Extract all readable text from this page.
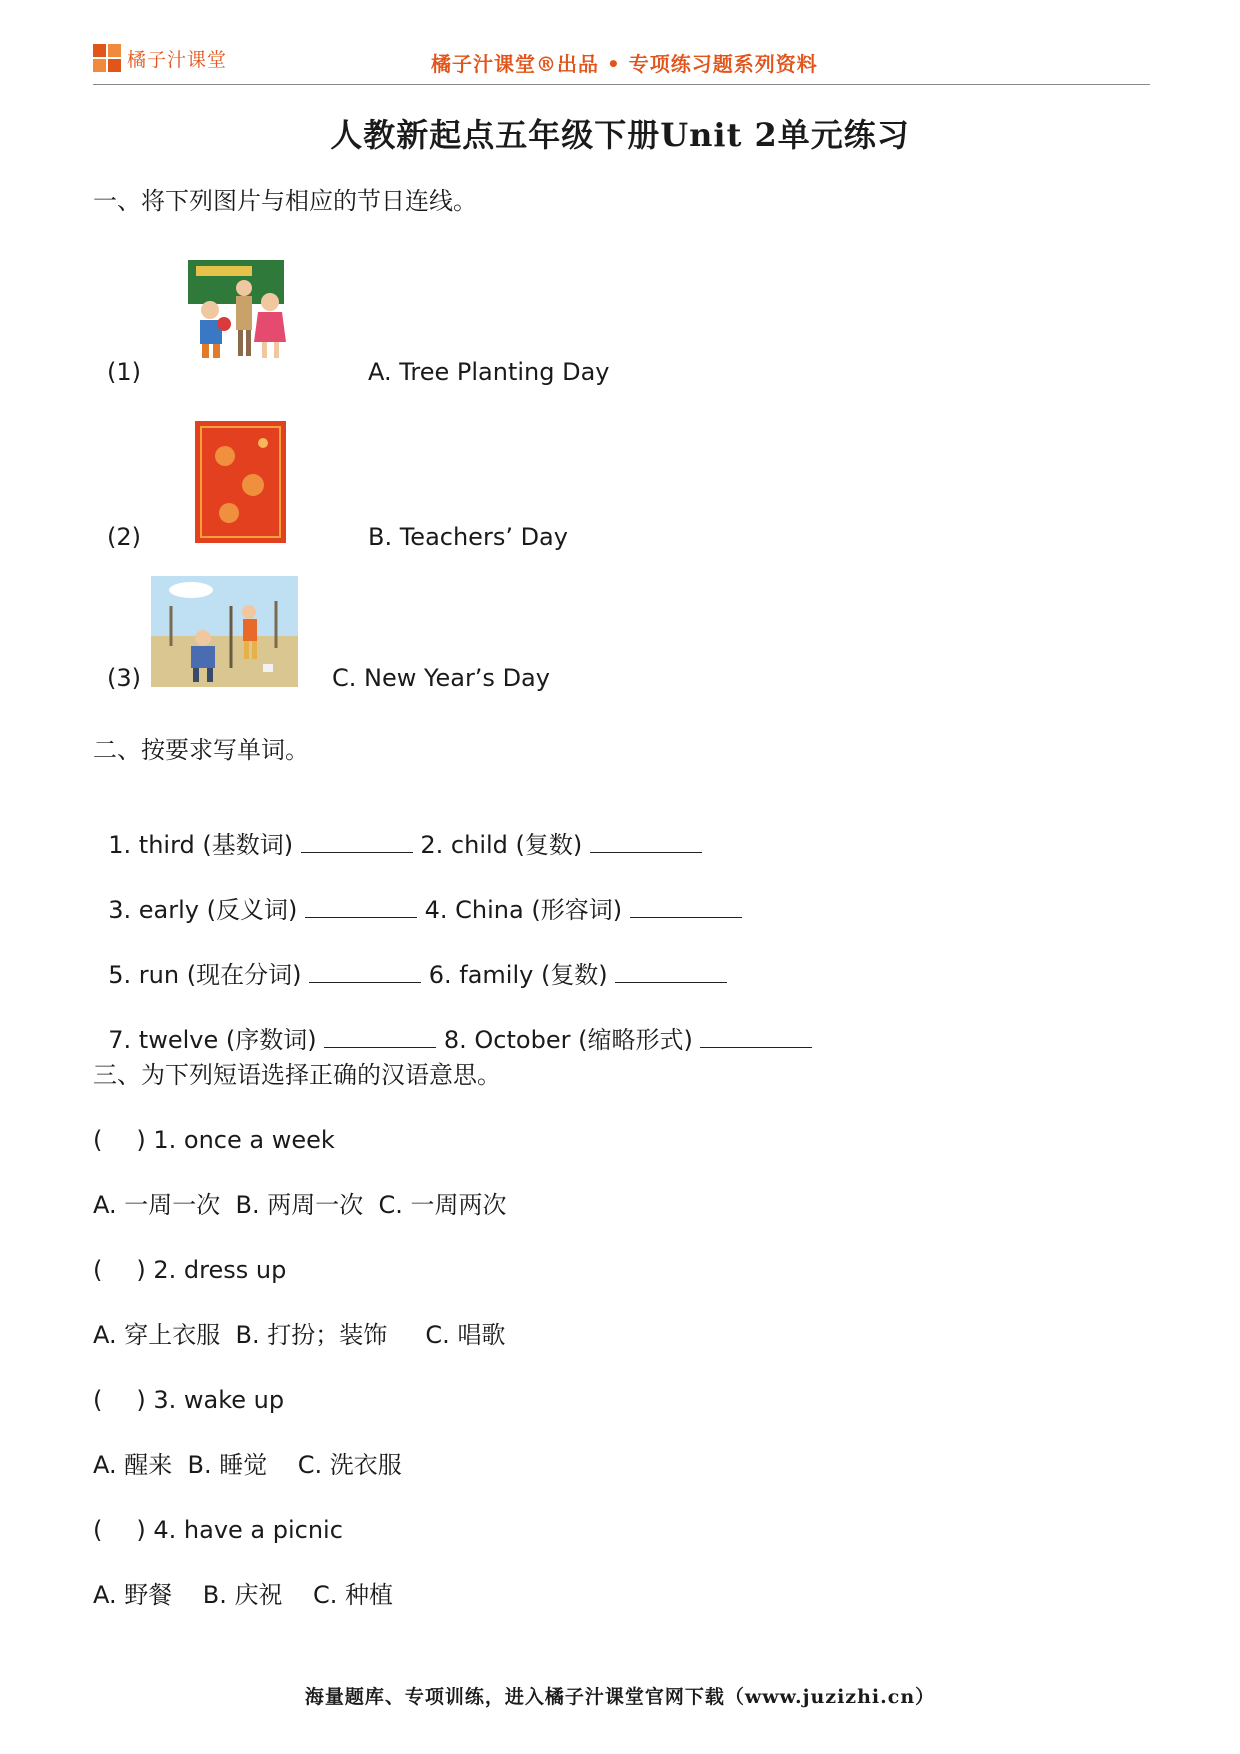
橘子汁课堂	橘子汁课堂®出品 • 专项练习题系列资料
人教新起点五年级下册Unit 2单元练习
一、将下列图片与相应的节日连线。
(1)	A. Tree Planting Day
(2)	B. Teachers’ Day
(3)	C. New Year’s Day
二、按要求写单词。

1. third (基数词)	2. child (复数)

3. early (反义词)	4. China (形容词)

5. run (现在分词)	6. family (复数)

7. twelve (序数词)	8. October (缩略形式)

三、为下列短语选择正确的汉语意思。
( ) 1. once a week
A. 一周一次 B. 两周一次 C. 一周两次
( ) 2. dress up
A. 穿上衣服 B. 打扮；装饰 C. 唱歌
( ) 3. wake up
A. 醒来 B. 睡觉 C. 洗衣服
( ) 4. have a picnic
A. 野餐 B. 庆祝 C. 种植
海量题库、专项训练，进入橘子汁课堂官网下载（www.juzizhi.cn）
